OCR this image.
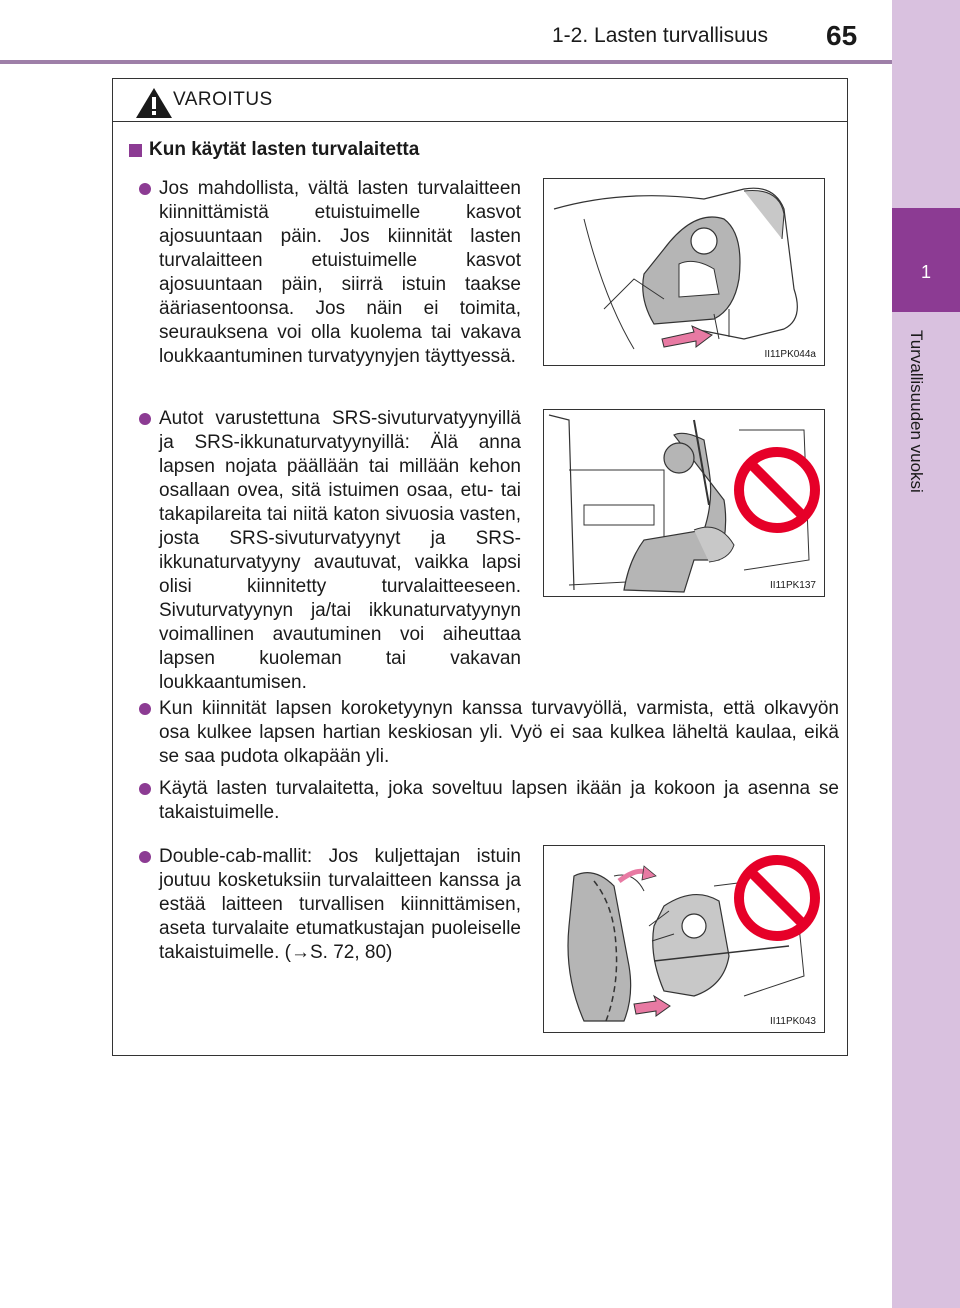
1-2. Lasten turvallisuus 65
1
Turvallisuuden vuoksi
VAROITUS
Kun käytät lasten turvalaitetta
Jos mahdollista, vältä lasten turvalaitteen kiinnittämistä etuistuimelle kasvot ajosuuntaan päin. Jos kiinnität lasten turvalaitteen etuistuimelle kasvot ajosuuntaan päin, siirrä istuin taakse ääriasentoonsa. Jos näin ei toimita, seurauksena voi olla kuolema tai vakava loukkaantuminen turvatyynyjen täyttyessä.	II11PK044a
Autot varustettuna SRS-sivuturvatyynyillä ja SRS-ikkunaturvatyynyillä: Älä anna lapsen nojata päällään tai millään kehon osallaan ovea, sitä istuimen osaa, etu- tai takapilareita tai niitä katon sivuosia vasten, josta SRS-sivuturvatyynyt ja SRS-ikkunaturvatyyny avautuvat, vaikka lapsi olisi kiinnitetty turvalaitteeseen. Sivuturvatyynyn ja/tai ikkunaturvatyynyn voimallinen avautuminen voi aiheuttaa lapsen kuoleman tai vakavan loukkaantumisen.
II11PK137
Kun kiinnität lapsen koroketyynyn kanssa turvavyöllä, varmista, että olkavyön osa kulkee lapsen hartian keskiosan yli. Vyö ei saa kulkea läheltä kaulaa, eikä se saa pudota olkapään yli.
Käytä lasten turvalaitetta, joka soveltuu lapsen ikään ja kokoon ja asenna se takaistuimelle.
Double-cab-mallit: Jos kuljettajan istuin joutuu kosketuksiin turvalaitteen kanssa ja estää laitteen turvallisen kiinnittämisen, aseta turvalaite etumatkustajan puoleiselle takaistuimelle. (→S. 72, 80)
II11PK043
